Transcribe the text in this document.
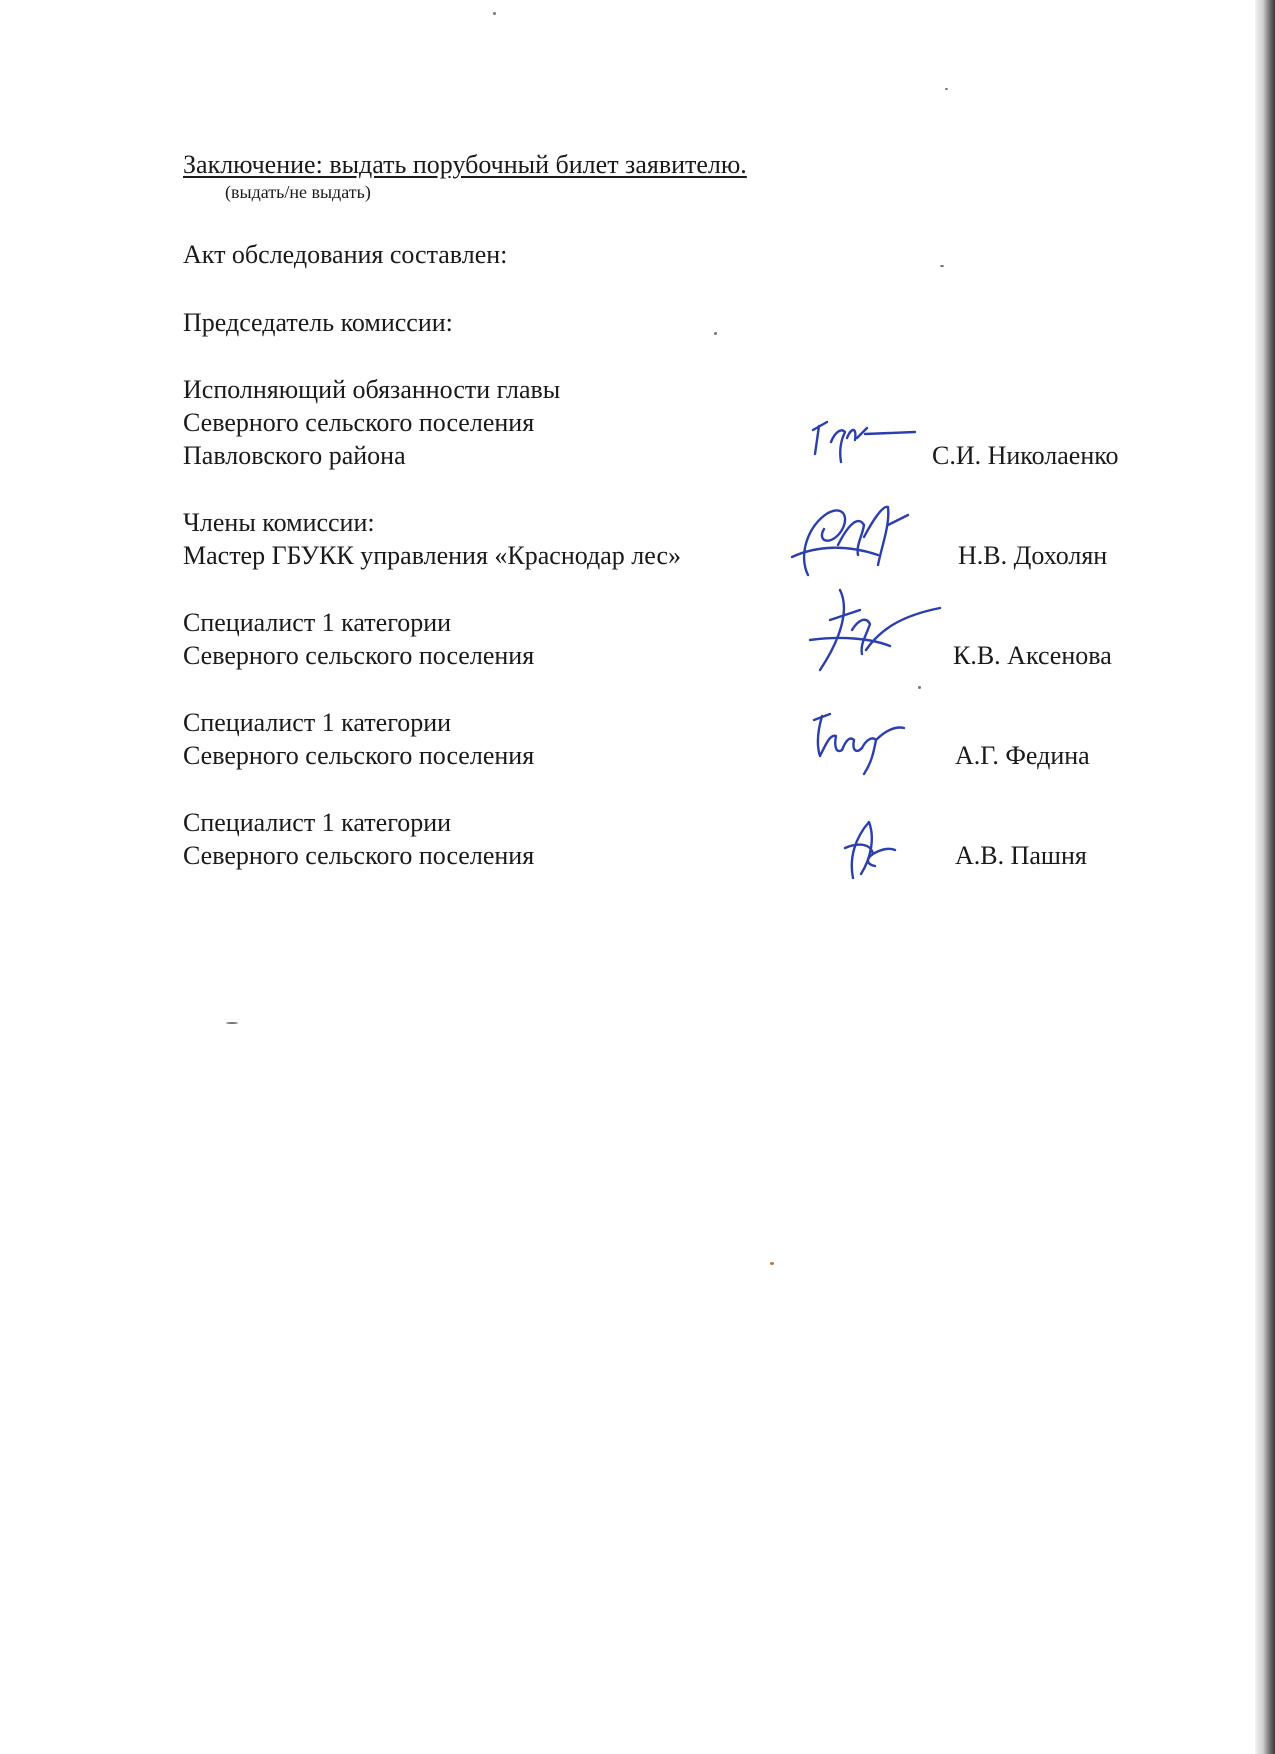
Заключение: выдать порубочный билет заявителю.
(выдать/не выдать)
Акт обследования составлен:
Председатель комиссии:
Исполняющий обязанности главы
Северного сельского поселения
Павловского района	С.И. Николаенко
Члены комиссии:
Мастер ГБУКК управления «Краснодар лес»	Н.В. Дохолян
Специалист 1 категории
Северного сельского поселения	К.В. Аксенова
Специалист 1 категории
Северного сельского поселения	А.Г. Федина
Специалист 1 категории
Северного сельского поселения	А.В. Пашня
